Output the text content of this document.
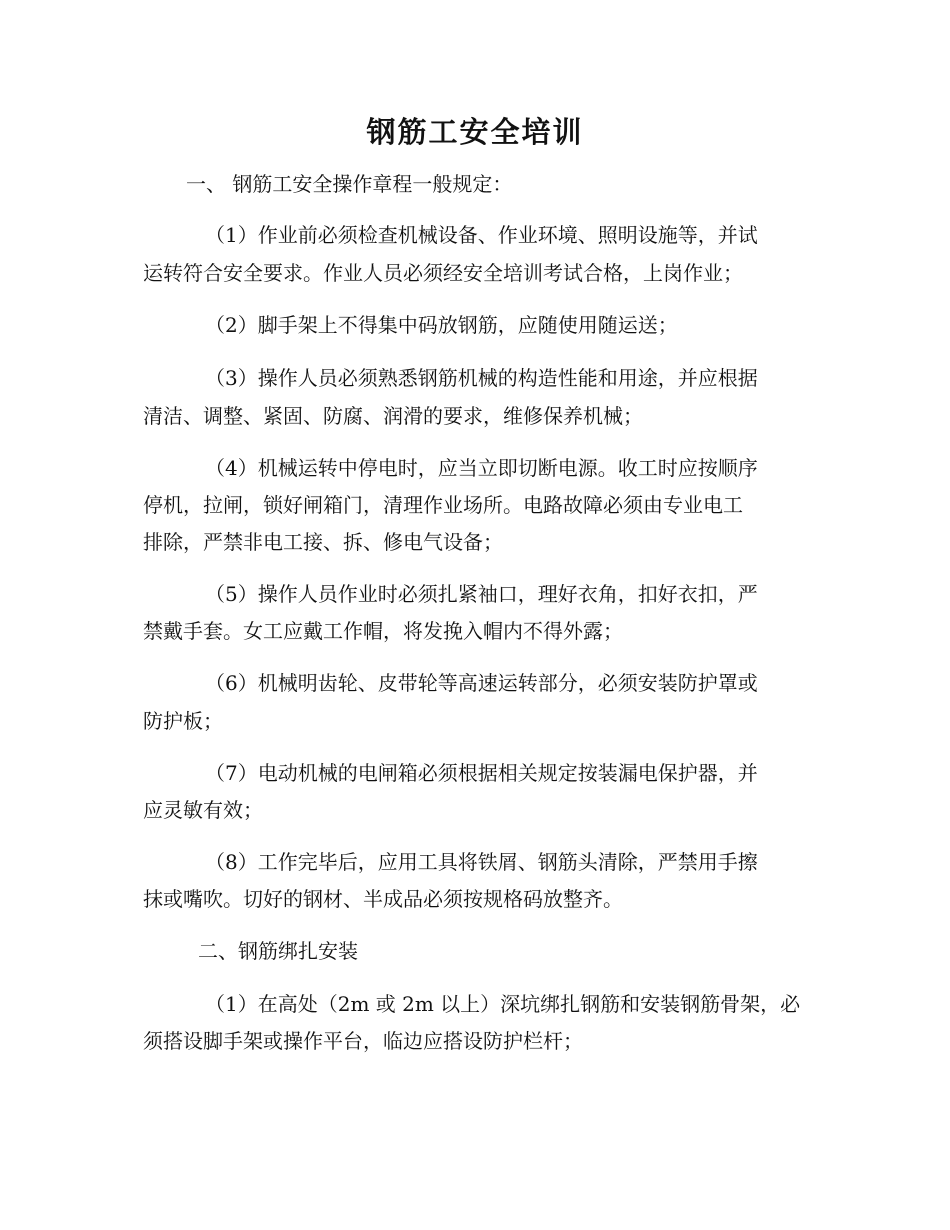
钢筋工安全培训

一、 钢筋工安全操作章程一般规定：

（1）作业前必须检查机械设备、作业环境、照明设施等，并试

运转符合安全要求。作业人员必须经安全培训考试合格，上岗作业；

（2）脚手架上不得集中码放钢筋，应随使用随运送；

（3）操作人员必须熟悉钢筋机械的构造性能和用途，并应根据

清洁、调整、紧固、防腐、润滑的要求，维修保养机械；

（4）机械运转中停电时，应当立即切断电源。收工时应按顺序

停机，拉闸，锁好闸箱门，清理作业场所。电路故障必须由专业电工

排除，严禁非电工接、拆、修电气设备；

（5）操作人员作业时必须扎紧袖口，理好衣角，扣好衣扣，严

禁戴手套。女工应戴工作帽，将发挽入帽内不得外露；

（6）机械明齿轮、皮带轮等高速运转部分，必须安装防护罩或

防护板；

（7）电动机械的电闸箱必须根据相关规定按装漏电保护器，并

应灵敏有效；

（8）工作完毕后，应用工具将铁屑、钢筋头清除，严禁用手擦

抹或嘴吹。切好的钢材、半成品必须按规格码放整齐。

二、钢筋绑扎安装

（1）在高处（2m 或 2m 以上）深坑绑扎钢筋和安装钢筋骨架，必

须搭设脚手架或操作平台，临边应搭设防护栏杆；
